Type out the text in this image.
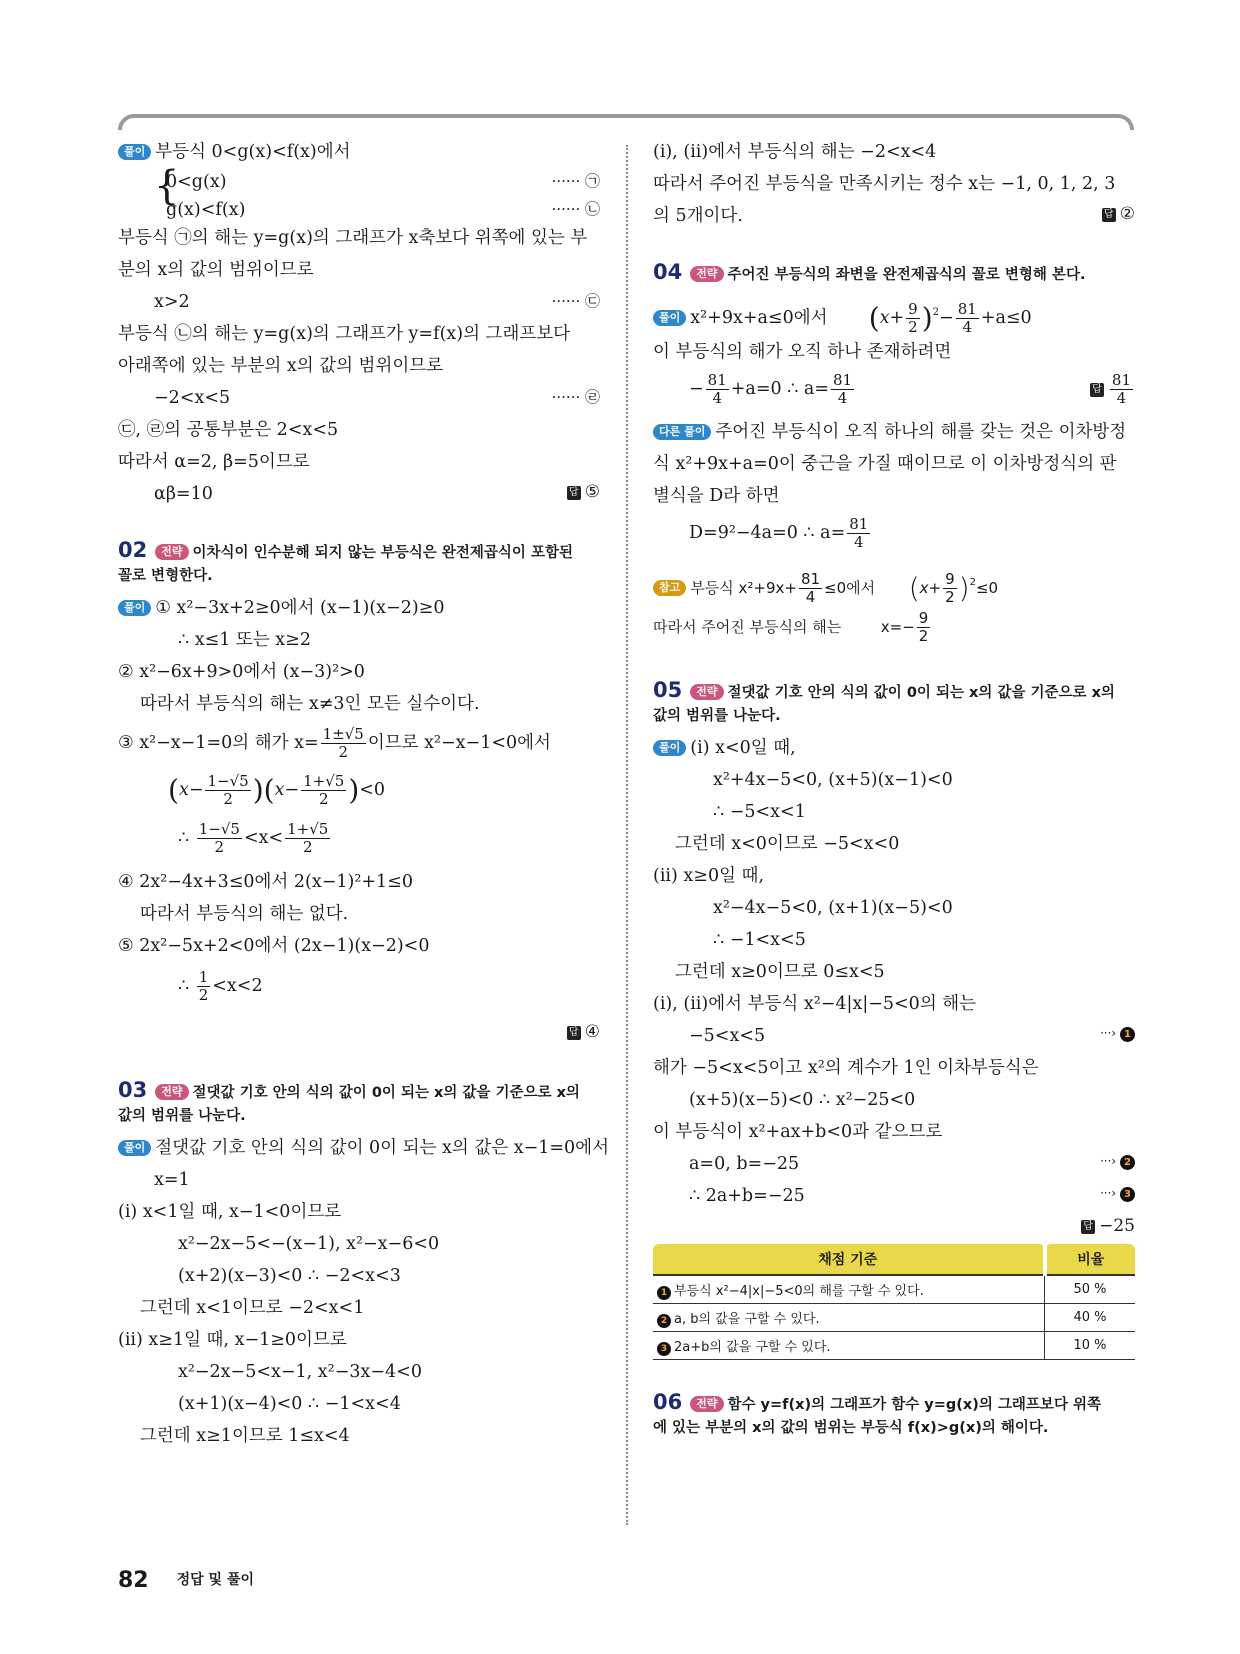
풀이 부등식 0<g(x)<f(x)에서
{
0<g(x)	······ ㉠
g(x)<f(x)	······ ㉡
부등식 ㉠의 해는 y=g(x)의 그래프가 x축보다 위쪽에 있는 부
분의 x의 값의 범위이므로
x>2	······ ㉢
부등식 ㉡의 해는 y=g(x)의 그래프가 y=f(x)의 그래프보다
아래쪽에 있는 부분의 x의 값의 범위이므로
−2<x<5	······ ㉣
㉢, ㉣의 공통부분은 2<x<5
따라서 α=2, β=5이므로
αβ=10	답 ⑤
02 전략 이차식이 인수분해 되지 않는 부등식은 완전제곱식이 포함된
꼴로 변형한다.
풀이 ① x²−3x+2≥0에서 (x−1)(x−2)≥0
∴ x≤1 또는 x≥2
② x²−6x+9>0에서 (x−3)²>0
따라서 부등식의 해는 x≠3인 모든 실수이다.
③ x²−x−1=0의 해가 $x= \frac{1\pm√5}{2}$ 이므로 x²−x−1<0에서
$(x- \frac{1-√5}{2} )(x- \frac{1+√5}{2} )<0$
∴ $\frac{1-√5}{2} <x< \frac{1+√5}{2}$
④ 2x²−4x+3≤0에서 2(x−1)²+1≤0
따라서 부등식의 해는 없다.
⑤ 2x²−5x+2<0에서 (2x−1)(x−2)<0
∴ $\frac{1}{2} <x<2$
답 ④
03 전략 절댓값 기호 안의 식의 값이 0이 되는 x의 값을 기준으로 x의
값의 범위를 나눈다.
풀이 절댓값 기호 안의 식의 값이 0이 되는 x의 값은 x−1=0에서
x=1
(i) x<1일 때, x−1<0이므로
x²−2x−5<−(x−1), x²−x−6<0
(x+2)(x−3)<0 ∴ −2<x<3
그런데 x<1이므로 −2<x<1
(ii) x≥1일 때, x−1≥0이므로
x²−2x−5<x−1, x²−3x−4<0
(x+1)(x−4)<0 ∴ −1<x<4
그런데 x≥1이므로 1≤x<4
(i), (ii)에서 부등식의 해는 −2<x<4
따라서 주어진 부등식을 만족시키는 정수 x는 −1, 0, 1, 2, 3
의 5개이다.	답 ②
04 전략 주어진 부등식의 좌변을 완전제곱식의 꼴로 변형해 본다.
풀이 x²+9x+a≤0에서 $(x+ \frac{9}{2} )^2- \frac{81}{4} +a\le 0$
이 부등식의 해가 오직 하나 존재하려면
− $\frac{81}{4} +a=0$ ∴ $a= \frac{81}{4}$	답 $\frac{81}{4}$
다른 풀이 주어진 부등식이 오직 하나의 해를 갖는 것은 이차방정
식 x²+9x+a=0이 중근을 가질 때이므로 이 이차방정식의 판
별식을 D라 하면
D=9²−4a=0 ∴ $a= \frac{81}{4}$
참고 부등식 $x^2+9x+ \frac{81}{4} \le 0$에서 $(x+ \frac{9}{2} )^2\le 0$
따라서 주어진 부등식의 해는	$x=- \frac{9}{2}$
05 전략 절댓값 기호 안의 식의 값이 0이 되는 x의 값을 기준으로 x의
값의 범위를 나눈다.
풀이 (i) x<0일 때,
x²+4x−5<0, (x+5)(x−1)<0
∴ −5<x<1
그런데 x<0이므로 −5<x<0
(ii) x≥0일 때,
x²−4x−5<0, (x+1)(x−5)<0
∴ −1<x<5
그런데 x≥0이므로 0≤x<5
(i), (ii)에서 부등식 x²−4|x|−5<0의 해는
−5<x<5	···› 1
해가 −5<x<5이고 x²의 계수가 1인 이차부등식은
(x+5)(x−5)<0 ∴ x²−25<0
이 부등식이 x²+ax+b<0과 같으므로
a=0, b=−25	···› 2
∴ 2a+b=−25	···› 3
답 −25
채점 기준	비율
1 부등식 x²−4|x|−5<0의 해를 구할 수 있다.	50 %
2 a, b의 값을 구할 수 있다.	40 %
3 2a+b의 값을 구할 수 있다.	10 %
06 전략 함수 y=f(x)의 그래프가 함수 y=g(x)의 그래프보다 위쪽
에 있는 부분의 x의 값의 범위는 부등식 f(x)>g(x)의 해이다.
82 정답 및 풀이
